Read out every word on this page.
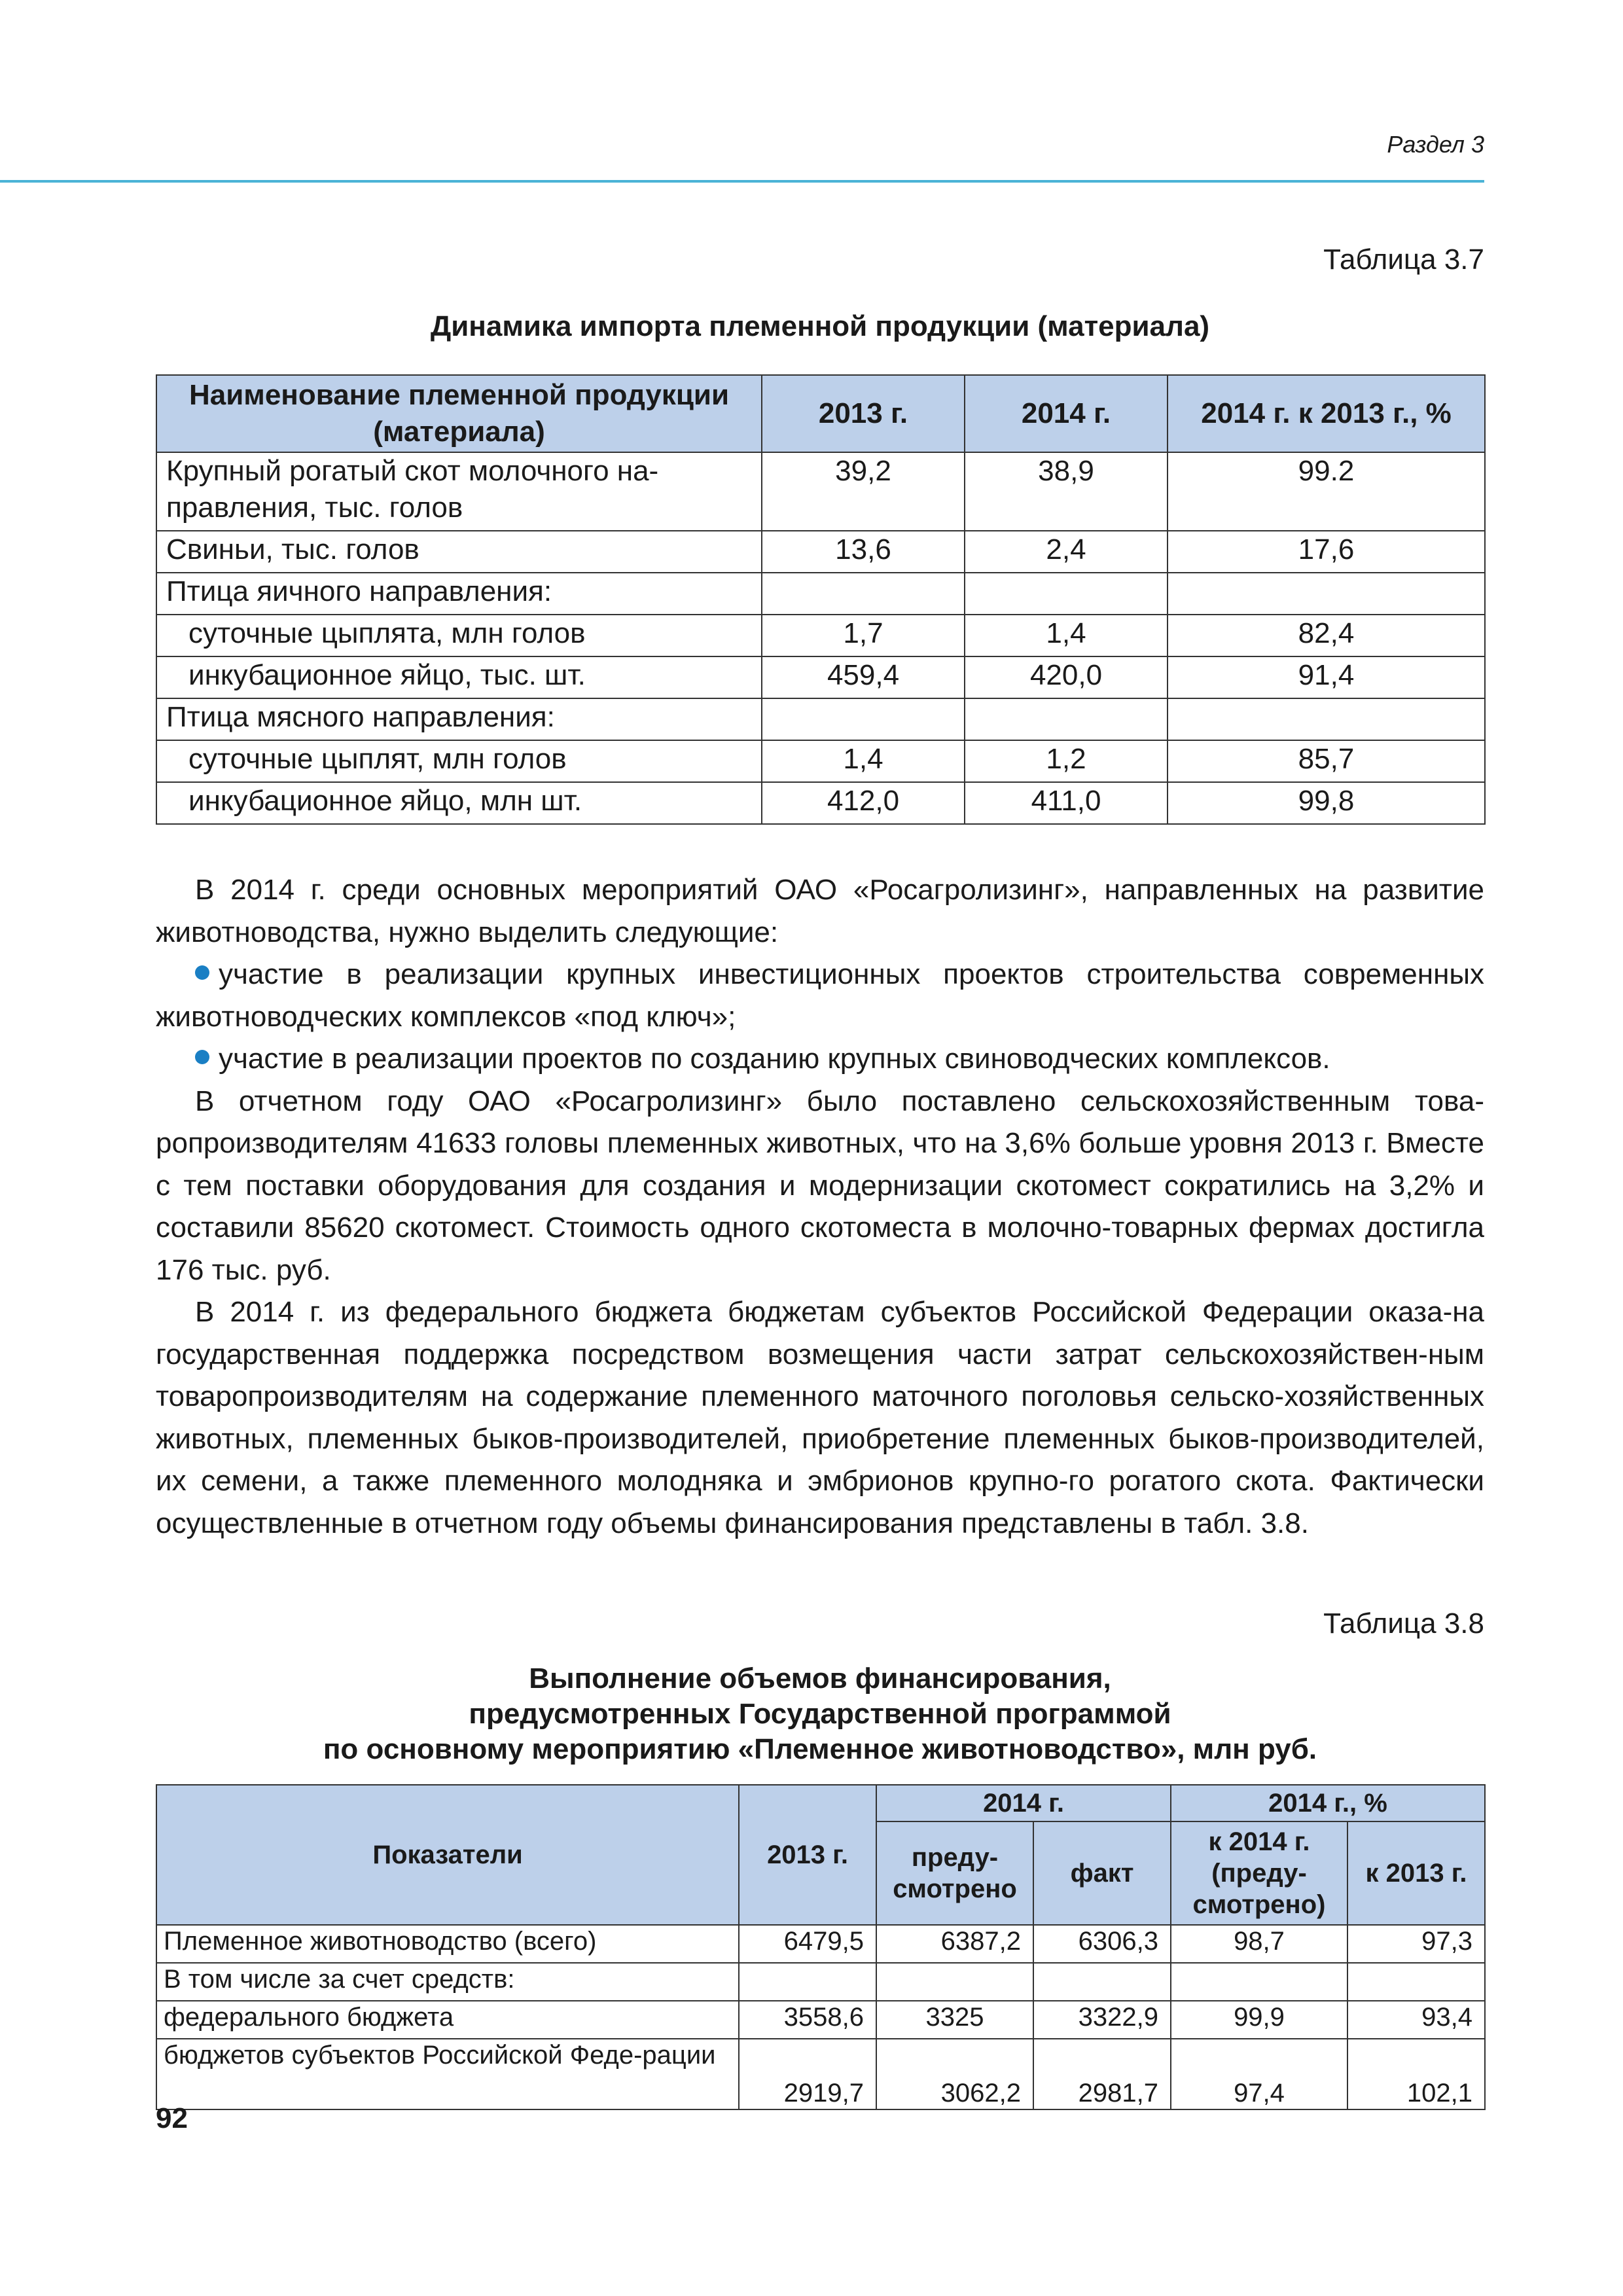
Раздел 3
Таблица 3.7
Динамика импорта племенной продукции (материала)
Наименование племенной продукции (материала)	2013 г.	2014 г.	2014 г. к 2013 г., %
Крупный рогатый скот молочного на-правления, тыс. голов	39,2	38,9	99.2
Свиньи, тыс. голов	13,6	2,4	17,6
Птица яичного направления:			
суточные цыплята, млн голов	1,7	1,4	82,4
инкубационное яйцо, тыс. шт.	459,4	420,0	91,4
Птица мясного направления:			
суточные цыплят, млн голов	1,4	1,2	85,7
инкубационное яйцо, млн шт.	412,0	411,0	99,8

В 2014 г. среди основных мероприятий ОАО «Росагролизинг», направленных на развитие животноводства, нужно выделить следующие:

участие в реализации крупных инвестиционных проектов строительства современных животноводческих комплексов «под ключ»;

участие в реализации проектов по созданию крупных свиноводческих комплексов.

В отчетном году ОАО «Росагролизинг» было поставлено сельскохозяйственным това-ропроизводителям 41633 головы племенных животных, что на 3,6% больше уровня 2013 г. Вместе с тем поставки оборудования для создания и модернизации скотомест сократились на 3,2% и составили 85620 скотомест. Стоимость одного скотоместа в молочно-товарных фермах достигла 176 тыс. руб.

В 2014 г. из федерального бюджета бюджетам субъектов Российской Федерации оказа-на государственная поддержка посредством возмещения части затрат сельскохозяйствен-ным товаропроизводителям на содержание племенного маточного поголовья сельско-хозяйственных животных, племенных быков-производителей, приобретение племенных быков-производителей, их семени, а также племенного молодняка и эмбрионов крупно-го рогатого скота. Фактически осуществленные в отчетном году объемы финансирования представлены в табл. 3.8.

Таблица 3.8
Выполнение объемов финансирования,
предусмотренных Государственной программой
по основному мероприятию «Племенное животноводство», млн руб.
Показатели	2013 г.	2014 г.		2014 г., %	
		преду-смотрено	факт	к 2014 г. (преду-смотрено)	к 2013 г.
Племенное животноводство (всего)	6479,5	6387,2	6306,3	98,7	97,3
В том числе за счет средств:					
федерального бюджета	3558,6	3325	3322,9	99,9	93,4
бюджетов субъектов Российской Феде-рации	2919,7	3062,2	2981,7	97,4	102,1
92
